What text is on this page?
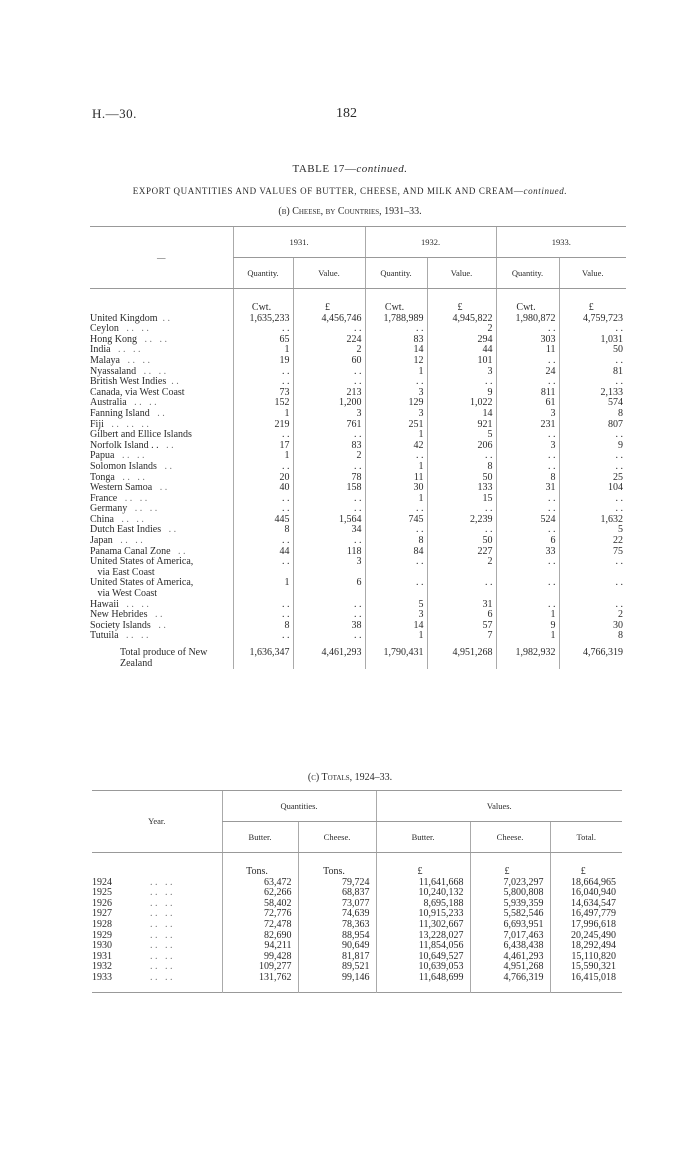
H.—30.	182
TABLE 17—continued.
EXPORT QUANTITIES AND VALUES OF BUTTER, CHEESE, AND MILK AND CREAM—continued.
(b) Cheese, by Countries, 1931–33.
—	1931.		1932.		1933.	
	Quantity.	Value.	Quantity.	Value.	Quantity.	Value.
	Cwt.	£	Cwt.	£	Cwt.	£
United Kingdom  . .	1,635,233	4,456,746	1,788,989	4,945,822	1,980,872	4,759,723
Ceylon   . .   . .	. .	. .	. .	2	. .	. .
Hong Kong   . .   . .	65	224	83	294	303	1,031
India   . .   . .	1	2	14	44	11	50
Malaya   . .   . .	19	60	12	101	. .	. .
Nyassaland   . .   . .	. .	. .	1	3	24	81
British West Indies  . .	. .	. .	. .	. .	. .	. .
Canada, via West Coast	73	213	3	9	811	2,133
Australia   . .   . .	152	1,200	129	1,022	61	574
Fanning Island   . .	1	3	3	14	3	8
Fiji   . .   . .   . .	219	761	251	921	231	807
Gilbert and Ellice Islands	. .	. .	1	5	. .	. .
Norfolk Island . .   . .	17	83	42	206	3	9
Papua   . .   . .	1	2	. .	. .	. .	. .
Solomon Islands   . .	. .	. .	1	8	. .	. .
Tonga   . .   . .	20	78	11	50	8	25
Western Samoa   . .	40	158	30	133	31	104
France   . .   . .	. .	. .	1	15	. .	. .
Germany   . .   . .	. .	. .	. .	. .	. .	. .
China   . .   . .	445	1,564	745	2,239	524	1,632
Dutch East Indies   . .	8	34	. .	. .	. .	5
Japan   . .   . .	. .	. .	8	50	6	22
Panama Canal Zone   . .	44	118	84	227	33	75
United States of America,	. .	3	. .	2	. .	. .
via East Coast						
United States of America,	1	6	. .	. .	. .	. .
via West Coast						
Hawaii   . .   . .	. .	. .	5	31	. .	. .
New Hebrides   . .	. .	. .	3	6	1	2
Society Islands   . .	8	38	14	57	9	30
Tutuila   . .   . .	. .	. .	1	7	1	8
Total produce of New Zealand	1,636,347	4,461,293	1,790,431	4,951,268	1,982,932	4,766,319
(c) Totals, 1924–33.
Year.	Quantities.		Values.		
	Butter.	Cheese.	Butter.	Cheese.	Total.
	Tons.	Tons.	£	£	£
1924 . .   . .	63,472	79,724	11,641,668	7,023,297	18,664,965
1925 . .   . .	62,266	68,837	10,240,132	5,800,808	16,040,940
1926 . .   . .	58,402	73,077	8,695,188	5,939,359	14,634,547
1927 . .   . .	72,776	74,639	10,915,233	5,582,546	16,497,779
1928 . .   . .	72,478	78,363	11,302,667	6,693,951	17,996,618
1929 . .   . .	82,690	88,954	13,228,027	7,017,463	20,245,490
1930 . .   . .	94,211	90,649	11,854,056	6,438,438	18,292,494
1931 . .   . .	99,428	81,817	10,649,527	4,461,293	15,110,820
1932 . .   . .	109,277	89,521	10,639,053	4,951,268	15,590,321
1933 . .   . .	131,762	99,146	11,648,699	4,766,319	16,415,018
